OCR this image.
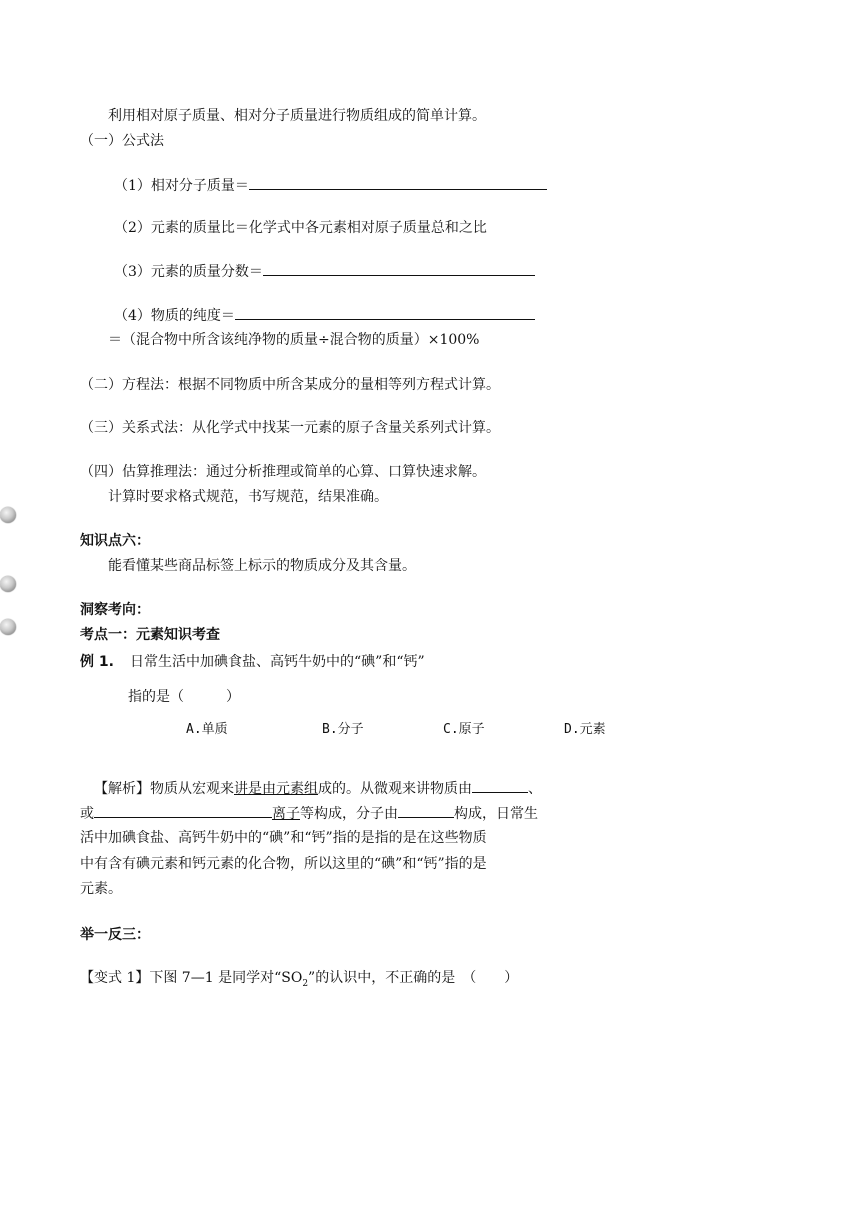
利用相对原子质量、相对分子质量进行物质组成的简单计算。
（一）公式法
（1）相对分子质量＝
（2）元素的质量比＝化学式中各元素相对原子质量总和之比
（3）元素的质量分数＝
（4）物质的纯度＝
＝（混合物中所含该纯净物的质量÷混合物的质量）×100%
（二）方程法：根据不同物质中所含某成分的量相等列方程式计算。
（三）关系式法：从化学式中找某一元素的原子含量关系列式计算。
（四）估算推理法：通过分析推理或简单的心算、口算快速求解。
计算时要求格式规范，书写规范，结果准确。
知识点六：
能看懂某些商品标签上标示的物质成分及其含量。
洞察考向：
考点一：元素知识考查
例 1. 日常生活中加碘食盐、高钙牛奶中的“碘”和“钙”
指的是（　　　）
A.单质	B.分子	C.原子	D.元素
【解析】物质从宏观来讲是由元素组成的。从微观来讲物质由	、
或	离子等构成，分子由	构成，日常生
活中加碘食盐、高钙牛奶中的“碘”和“钙”指的是指的是在这些物质
中有含有碘元素和钙元素的化合物，所以这里的“碘”和“钙”指的是
元素。
举一反三：
【变式 1】下图 7—1 是同学对“$SO_2$”的认识中，不正确的是　（　　）
